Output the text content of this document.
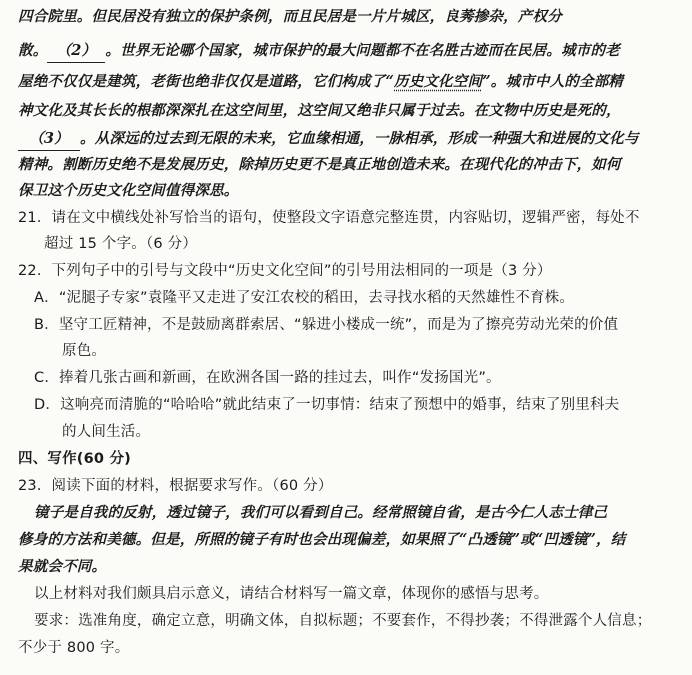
四合院里。但民居没有独立的保护条例，而且民居是一片片城区，良莠掺杂，产权分
散。 （2） 。世界无论哪个国家，城市保护的最大问题都不在名胜古迹而在民居。城市的老
屋绝不仅仅是建筑，老街也绝非仅仅是道路，它们构成了“历史文化空间”。城市中人的全部精
神文化及其长长的根都深深扎在这空间里，这空间又绝非只属于过去。在文物中历史是死的，
（3） 。从深远的过去到无限的未来，它血缘相通，一脉相承，形成一种强大和进展的文化与
精神。割断历史绝不是发展历史，除掉历史更不是真正地创造未来。在现代化的冲击下，如何
保卫这个历史文化空间值得深思。
21．请在文中横线处补写恰当的语句，使整段文字语意完整连贯，内容贴切，逻辑严密，每处不
超过 15 个字。（6 分）
22．下列句子中的引号与文段中“历史文化空间”的引号用法相同的一项是（3 分）
A．“泥腿子专家”袁隆平又走进了安江农校的稻田，去寻找水稻的天然雄性不育株。
B．坚守工匠精神，不是鼓励离群索居、“躲进小楼成一统”，而是为了擦亮劳动光荣的价值
原色。
C．捧着几张古画和新画，在欧洲各国一路的挂过去，叫作“发扬国光”。
D．这响亮而清脆的“哈哈哈”就此结束了一切事情：结束了预想中的婚事，结束了别里科夫
的人间生活。
四、写作(60 分)
23．阅读下面的材料，根据要求写作。（60 分）
镜子是自我的反射，透过镜子，我们可以看到自己。经常照镜自省，是古今仁人志士律己
修身的方法和美德。但是，所照的镜子有时也会出现偏差，如果照了“凸透镜”或“凹透镜”，结
果就会不同。
以上材料对我们颇具启示意义，请结合材料写一篇文章，体现你的感悟与思考。
要求：选准角度，确定立意，明确文体，自拟标题；不要套作，不得抄袭；不得泄露个人信息；
不少于 800 字。
